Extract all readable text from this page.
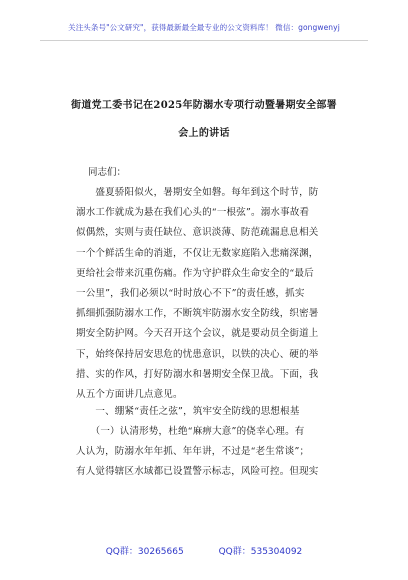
关注头条号"公文研究"，获得最新最全最专业的公文资料库！ 微信：gongwenyj
街道党工委书记在2025年防溺水专项行动暨暑期安全部署
会上的讲话
同志们：
　　盛夏骄阳似火，暑期安全如磐。每年到这个时节，防
溺水工作就成为悬在我们心头的“一根弦”。溺水事故看
似偶然，实则与责任缺位、意识淡薄、防范疏漏息息相关
一个个鲜活生命的消逝，不仅让无数家庭陷入悲痛深渊，
更给社会带来沉重伤痛。作为守护群众生命安全的“最后
一公里”，我们必须以“时时放心不下”的责任感，抓实
抓细抓强防溺水工作，不断筑牢防溺水安全防线，织密暑
期安全防护网。今天召开这个会议，就是要动员全街道上
下，始终保持居安思危的忧患意识，以铁的决心、硬的举
措、实的作风，打好防溺水和暑期安全保卫战。下面，我
从五个方面讲几点意见。
　　一、绷紧“责任之弦”，筑牢安全防线的思想根基
　　（一）认清形势，杜绝“麻痹大意”的侥幸心理。有
人认为，防溺水年年抓、年年讲，不过是“老生常谈”；
有人觉得辖区水域都已设置警示标志，风险可控。但现实
QQ群：30265665	QQ群：535304092
